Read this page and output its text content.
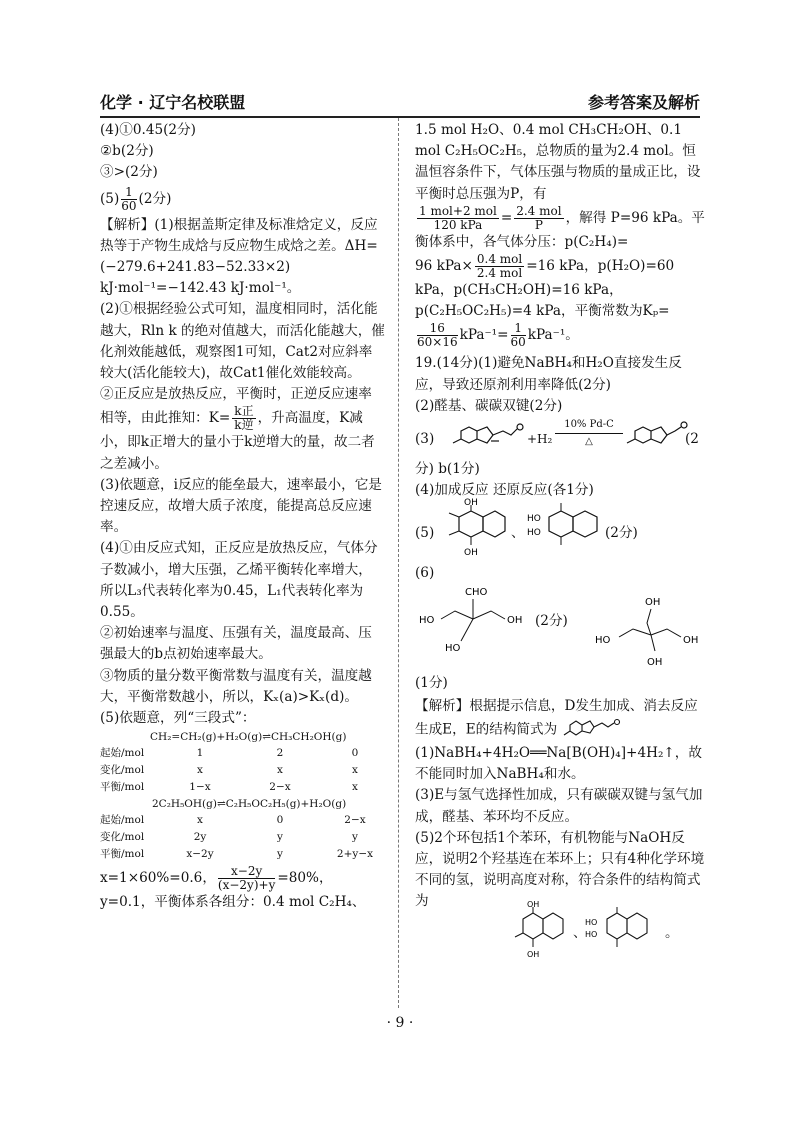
化学 · 辽宁名校联盟	参考答案及解析

(4)①0.45(2分)

②b(2分)

③>(2分)

$(5) \frac{1}{60} (2$分)

【解析】(1)根据盖斯定律及标准焓定义，反应热等于产物生成焓与反应物生成焓之差。ΔH=(−279.6+241.83−52.33×2) kJ·mol⁻¹=−142.43 kJ·mol⁻¹。

(2)①根据经验公式可知，温度相同时，活化能越大，Rln k 的绝对值越大，而活化能越大，催化剂效能越低，观察图1可知，Cat2对应斜率较大(活化能较大)，故Cat1催化效能较高。

②正反应是放热反应，平衡时，正逆反应速率相等，由此推知：$K= \frac{\text{k正}}{\text{k逆}}$ ，升高温度，K减小，即k正增大的量小于k逆增大的量，故二者之差减小。

(3)依题意，i反应的能垒最大，速率最小，它是控速反应，故增大质子浓度，能提高总反应速率。

(4)①由反应式知，正反应是放热反应，气体分子数减小，增大压强，乙烯平衡转化率增大，所以L₃代表转化率为0.45，L₁代表转化率为0.55。

②初始速率与温度、压强有关，温度最高、压强最大的b点初始速率最大。

③物质的量分数平衡常数与温度有关，温度越大，平衡常数越小，所以，Kₓ(a)>Kₓ(d)。

(5)依题意，列“三段式”：

CH₂=CH₂(g)+H₂O(g)⇌CH₃CH₂OH(g)
起始/mol	1	2	0
变化/mol	x	x	x
平衡/mol	1−x	2−x	x
2C₂H₅OH(g)⇌C₂H₅OC₂H₅(g)+H₂O(g)
起始/mol	x	0	2−x
变化/mol	2y	y	y
平衡/mol	x−2y	y	2+y−x

x=1×60%=0.6， $\frac{x-2y}{(x-2y)+y} =80\%$，

y=0.1，平衡体系各组分：0.4 mol C₂H₄、

1.5 mol H₂O、0.4 mol CH₃CH₂OH、0.1 mol C₂H₅OC₂H₅，总物质的量为2.4 mol。恒温恒容条件下，气体压强与物质的量成正比，设平衡时总压强为P，有

$\frac{\text{1 mol+2 mol}}{\text{120 kPa}} = \frac{\text{2.4 mol}}{P}$ ，解得 P=96 kPa。平衡体系中，各气体分压：p(C₂H₄)=

96 $kPa\times \frac{\text{0.4 mol}}{\text{2.4 mol}} =16$ kPa，p(H₂O)=60 kPa，p(CH₃CH₂OH)=16 kPa，p(C₂H₅OC₂H₅)=4 kPa，平衡常数为Kₚ=

$\frac{16}{60\times 16} kPa^{-1}= \frac{1}{60} kPa^{-1}$。

19.(14分)(1)避免NaBH₄和H₂O直接发生反应，导致还原剂利用率降低(2分)

(2)醛基、碳碳双键(2分)

(3)	+H₂
10% Pd-C
△	(2

分) b(1分)

(4)加成反应 还原反应(各1分)

(5)
OH
OH
、
HO
HO	(2分)

(6)

CHO
HO	OH
HO
(2分)
OH
HO	OH
OH

(1分)

【解析】根据提示信息，D发生加成、消去反应生成E，E的结构简式为

(1)NaBH₄+4H₂O══Na[B(OH)₄]+4H₂↑，故不能同时加入NaBH₄和水。

(3)E与氢气选择性加成，只有碳碳双键与氢气加成，醛基、苯环均不反应。

(5)2个环包括1个苯环，有机物能与NaOH反应，说明2个羟基连在苯环上；只有4种化学环境不同的氢，说明高度对称，符合条件的结构简式为	OH
OH
、
HO
HO	。
· 9 ·
